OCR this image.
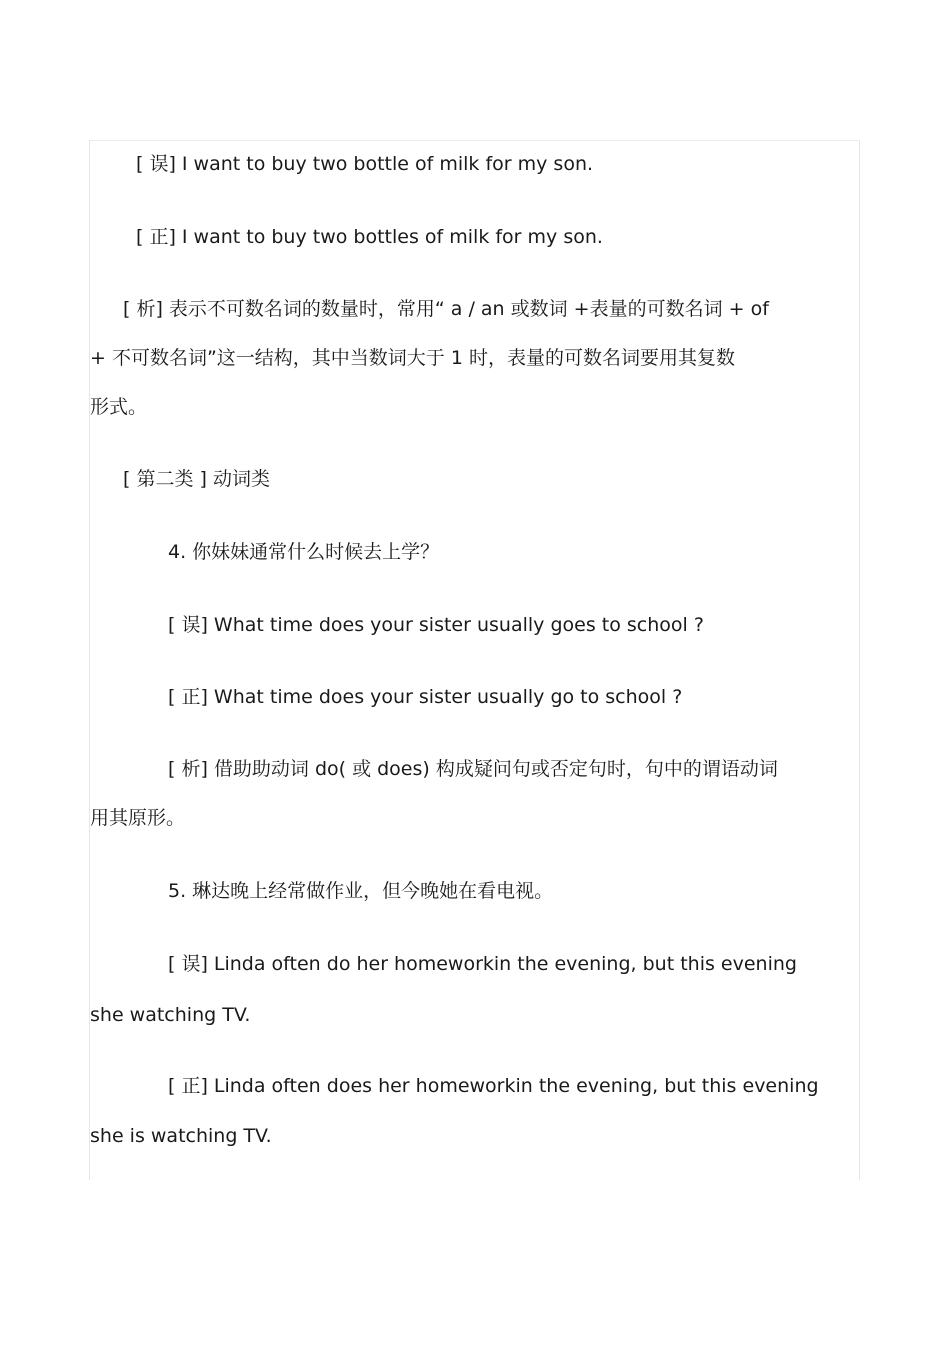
[ 误] I want to buy two bottle of milk for my son.
[ 正] I want to buy two bottles of milk for my son.
[ 析] 表示不可数名词的数量时，常用“ a / an 或数词 +表量的可数名词 + of
+ 不可数名词”这一结构，其中当数词大于 1 时，表量的可数名词要用其复数
形式。
[ 第二类 ] 动词类
4. 你妹妹通常什么时候去上学？
[ 误] What time does your sister usually goes to school ?
[ 正] What time does your sister usually go to school ?
[ 析] 借助助动词 do( 或 does) 构成疑问句或否定句时，句中的谓语动词
用其原形。
5. 琳达晚上经常做作业，但今晚她在看电视。
[ 误] Linda often do her homeworkin the evening, but this evening
she watching TV.
[ 正] Linda often does her homeworkin the evening, but this evening
she is watching TV.
